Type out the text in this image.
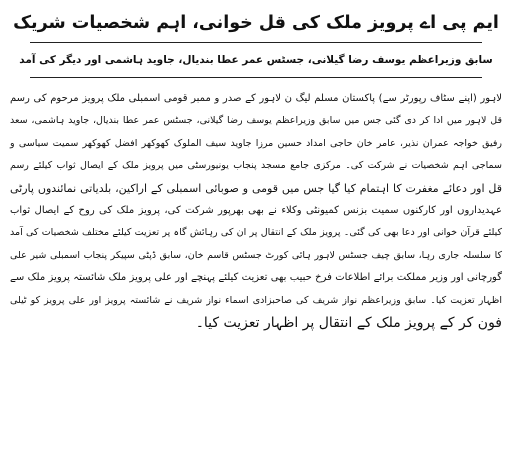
ایم پی اے پرویز ملک کی قل خوانی، اہم شخصیات شریک
سابق وزیراعظم یوسف رضا گیلانی، جسٹس عمر عطا بندیال، جاوید ہاشمی اور دیگر کی آمد
لاہور (اپنے سٹاف رپورٹر سے) پاکستان مسلم لیگ ن لاہور کے صدر و ممبر قومی اسمبلی ملک پرویز مرحوم کی رسم
قل لاہور میں ادا کر دی گئی جس میں سابق وزیراعظم یوسف رضا گیلانی، جسٹس عمر عطا بندیال، جاوید ہاشمی، سعد
رفیق خواجہ عمران نذیر، عامر خان حاجی امداد حسین مرزا جاوید سیف الملوک کھوکھر افضل کھوکھر سمیت سیاسی و
سماجی اہم شخصیات نے شرکت کی۔ مرکزی جامع مسجد پنجاب یونیورسٹی میں پرویز ملک کے ایصال ثواب کیلئے رسم
قل اور دعائے مغفرت کا اہتمام کیا گیا جس میں قومی و صوبائی اسمبلی کے اراکین، بلدیاتی نمائندوں پارٹی
عہدیداروں اور کارکنوں سمیت بزنس کمیونٹی وکلاء نے بھی بھرپور شرکت کی، پرویز ملک کی روح کے ایصال ثواب
کیلئے قرآن خوانی اور دعا بھی کی گئی۔ پرویز ملک کے انتقال پر ان کی رہائش گاہ پر تعزیت کیلئے مختلف شخصیات کی آمد
کا سلسلہ جاری رہا، سابق چیف جسٹس لاہور ہائی کورٹ جسٹس قاسم خان، سابق ڈپٹی سپیکر پنجاب اسمبلی شیر علی
گورچانی اور وزیر مملکت برائے اطلاعات فرخ حبیب بھی تعزیت کیلئے پہنچے اور علی پرویز ملک شائستہ پرویز ملک سے
اظہار تعزیت کیا۔ سابق وزیراعظم نواز شریف کی صاحبزادی اسماء نواز شریف نے شائستہ پرویز اور علی پرویز کو ٹیلی
فون کر کے پرویز ملک کے انتقال پر اظہار تعزیت کیا۔
